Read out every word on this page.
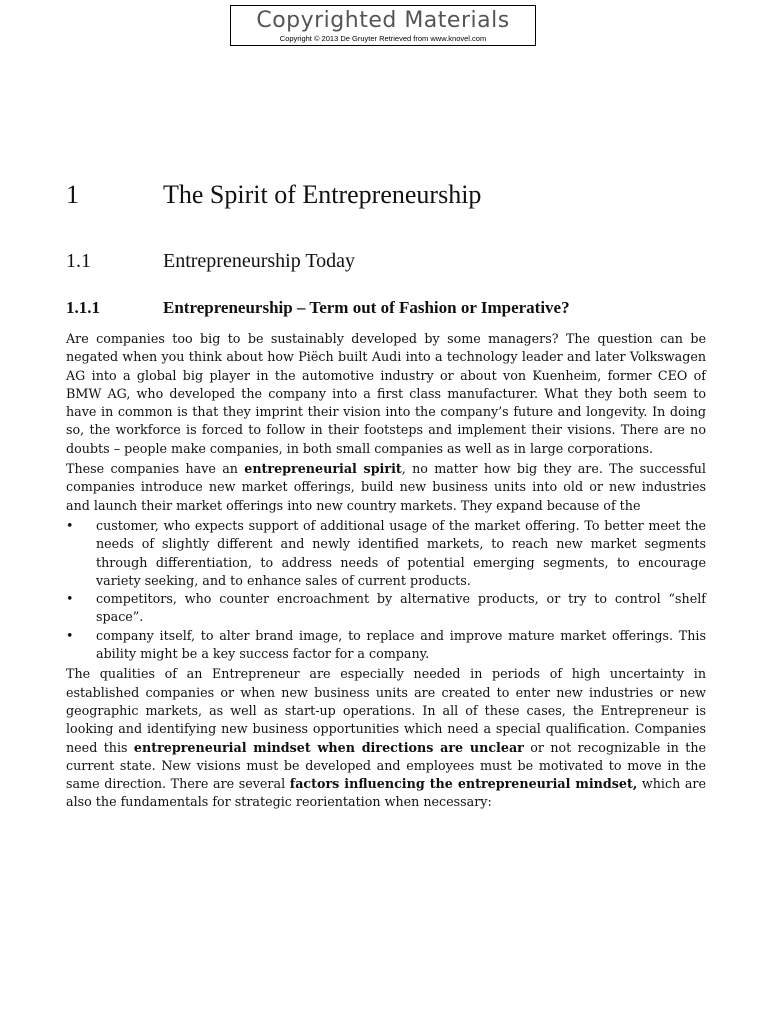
Copyrighted Materials
Copyright © 2013 De Gruyter Retrieved from www.knovel.com
1	The Spirit of Entrepreneurship
1.1	Entrepreneurship Today
1.1.1	Entrepreneurship – Term out of Fashion or Imperative?

Are companies too big to be sustainably developed by some managers? The question can be negated when you think about how Piëch built Audi into a technology leader and later Volkswagen AG into a global big player in the automotive industry or about von Kuenheim, former CEO of BMW AG, who developed the company into a first class manufacturer. What they both seem to have in common is that they imprint their vision into the company’s future and longevity. In doing so, the workforce is forced to follow in their footsteps and implement their visions. There are no doubts – people make companies, in both small companies as well as in large corporations.

These companies have an entrepreneurial spirit, no matter how big they are. The successful companies introduce new market offerings, build new business units into old or new industries and launch their market offerings into new country markets. They expand because of the

• customer, who expects support of additional usage of the market offering. To better meet the needs of slightly different and newly identified markets, to reach new market segments through differentiation, to address needs of potential emerging segments, to encourage variety seeking, and to enhance sales of current products.
• competitors, who counter encroachment by alternative products, or try to control “shelf space”.
• company itself, to alter brand image, to replace and improve mature market offerings. This ability might be a key success factor for a company.

The qualities of an Entrepreneur are especially needed in periods of high uncertainty in established companies or when new business units are created to enter new industries or new geographic markets, as well as start-up operations. In all of these cases, the Entrepreneur is looking and identifying new business opportunities which need a special qualification. Companies need this entrepreneurial mindset when directions are unclear or not recognizable in the current state. New visions must be developed and employees must be motivated to move in the same direction. There are several factors influencing the entrepreneurial mindset, which are also the fundamentals for strategic reorientation when necessary:
